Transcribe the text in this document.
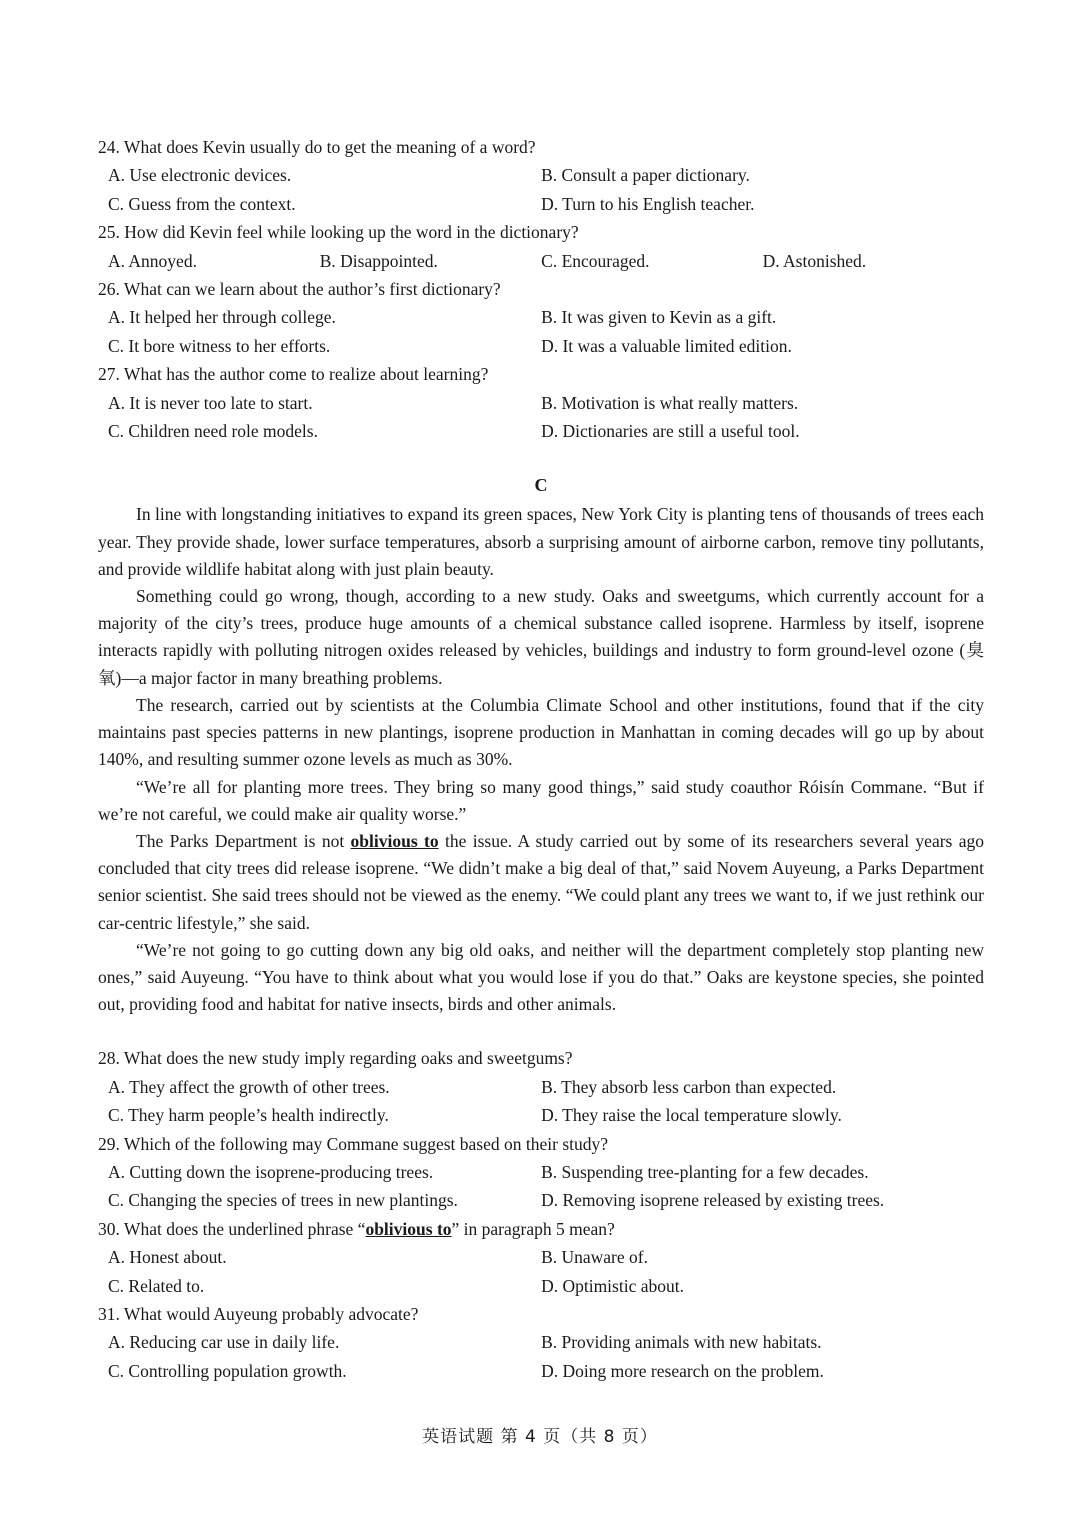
24. What does Kevin usually do to get the meaning of a word?
A. Use electronic devices.	B. Consult a paper dictionary.
C. Guess from the context.	D. Turn to his English teacher.
25. How did Kevin feel while looking up the word in the dictionary?
A. Annoyed.	B. Disappointed.	C. Encouraged.	D. Astonished.
26. What can we learn about the author’s first dictionary?
A. It helped her through college.	B. It was given to Kevin as a gift.
C. It bore witness to her efforts.	D. It was a valuable limited edition.
27. What has the author come to realize about learning?
A. It is never too late to start.	B. Motivation is what really matters.
C. Children need role models.	D. Dictionaries are still a useful tool.
C

In line with longstanding initiatives to expand its green spaces, New York City is planting tens of thousands of trees each year. They provide shade, lower surface temperatures, absorb a surprising amount of airborne carbon, remove tiny pollutants, and provide wildlife habitat along with just plain beauty.

Something could go wrong, though, according to a new study. Oaks and sweetgums, which currently account for a majority of the city’s trees, produce huge amounts of a chemical substance called isoprene. Harmless by itself, isoprene interacts rapidly with polluting nitrogen oxides released by vehicles, buildings and industry to form ground-level ozone (臭氧)—a major factor in many breathing problems.

The research, carried out by scientists at the Columbia Climate School and other institutions, found that if the city maintains past species patterns in new plantings, isoprene production in Manhattan in coming decades will go up by about 140%, and resulting summer ozone levels as much as 30%.

“We’re all for planting more trees. They bring so many good things,” said study coauthor Róisín Commane. “But if we’re not careful, we could make air quality worse.”

The Parks Department is not oblivious to the issue. A study carried out by some of its researchers several years ago concluded that city trees did release isoprene. “We didn’t make a big deal of that,” said Novem Auyeung, a Parks Department senior scientist. She said trees should not be viewed as the enemy. “We could plant any trees we want to, if we just rethink our car-centric lifestyle,” she said.

“We’re not going to go cutting down any big old oaks, and neither will the department completely stop planting new ones,” said Auyeung. “You have to think about what you would lose if you do that.” Oaks are keystone species, she pointed out, providing food and habitat for native insects, birds and other animals.

28. What does the new study imply regarding oaks and sweetgums?
A. They affect the growth of other trees.	B. They absorb less carbon than expected.
C. They harm people’s health indirectly.	D. They raise the local temperature slowly.
29. Which of the following may Commane suggest based on their study?
A. Cutting down the isoprene-producing trees.	B. Suspending tree-planting for a few decades.
C. Changing the species of trees in new plantings.	D. Removing isoprene released by existing trees.
30. What does the underlined phrase “oblivious to” in paragraph 5 mean?
A. Honest about.	B. Unaware of.
C. Related to.	D. Optimistic about.
31. What would Auyeung probably advocate?
A. Reducing car use in daily life.	B. Providing animals with new habitats.
C. Controlling population growth.	D. Doing more research on the problem.
英语试题 第 4 页（共 8 页）
